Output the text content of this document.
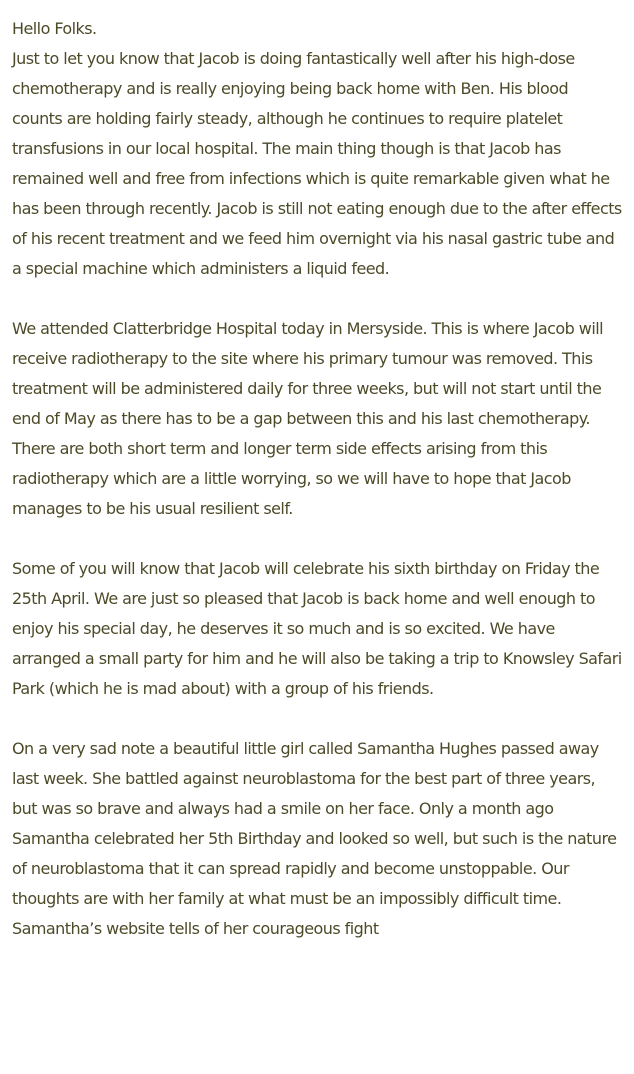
Hello Folks.

Just to let you know that Jacob is doing fantastically well after his high-dose chemotherapy and is really enjoying being back home with Ben. His blood counts are holding fairly steady, although he continues to require platelet transfusions in our local hospital. The main thing though is that Jacob has remained well and free from infections which is quite remarkable given what he has been through recently. Jacob is still not eating enough due to the after effects of his recent treatment and we feed him overnight via his nasal gastric tube and a special machine which administers a liquid feed.

We attended Clatterbridge Hospital today in Mersyside. This is where Jacob will receive radiotherapy to the site where his primary tumour was removed. This treatment will be administered daily for three weeks, but will not start until the end of May as there has to be a gap between this and his last chemotherapy. There are both short term and longer term side effects arising from this radiotherapy which are a little worrying, so we will have to hope that Jacob manages to be his usual resilient self.

Some of you will know that Jacob will celebrate his sixth birthday on Friday the 25th April. We are just so pleased that Jacob is back home and well enough to enjoy his special day, he deserves it so much and is so excited. We have arranged a small party for him and he will also be taking a trip to Knowsley Safari Park (which he is mad about) with a group of his friends.

On a very sad note a beautiful little girl called Samantha Hughes passed away last week. She battled against neuroblastoma for the best part of three years, but was so brave and always had a smile on her face. Only a month ago Samantha celebrated her 5th Birthday and looked so well, but such is the nature of neuroblastoma that it can spread rapidly and become unstoppable. Our thoughts are with her family at what must be an impossibly difficult time. Samantha’s website tells of her courageous fight
